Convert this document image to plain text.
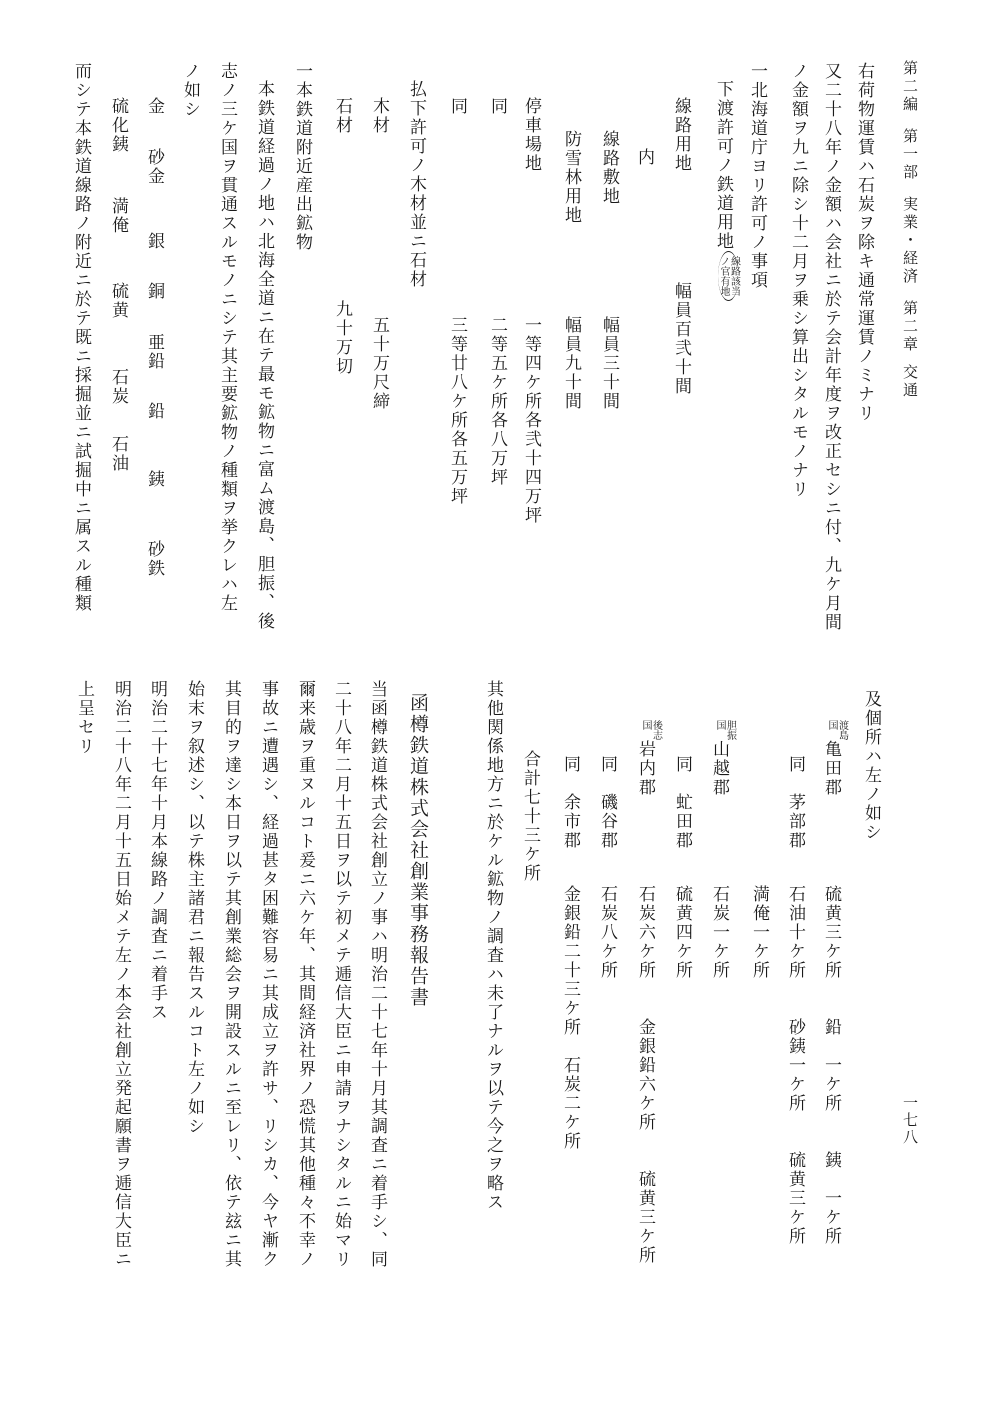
第二編第一部実業・経済第二章交通
一七八
右荷物運賃ハ石炭ヲ除キ通常運賃ノミナリ
又二十八年ノ金額ハ会社ニ於テ会計年度ヲ改正セシニ付、九ケ月間
ノ金額ヲ九ニ除シ十二月ヲ乗シ算出シタルモノナリ
一北海道庁ヨリ許可ノ事項
下渡許可ノ鉄道用地
線路該当
ノ官有地
線路用地
幅員百弐十間
内
線路敷地
幅員三十間
防雪林用地
幅員九十間
停車場地
一等四ケ所各弐十四万坪
同
二等五ケ所各八万坪
同
三等廿八ケ所各五万坪
払下許可ノ木材並ニ石材
木材
五十万尺締
石材
九十万切
一本鉄道附近産出鉱物
本鉄道経過ノ地ハ北海全道ニ在テ最モ鉱物ニ富ム渡島、胆振、後
志ノ三ケ国ヲ貫通スルモノニシテ其主要鉱物ノ種類ヲ挙クレハ左
ノ如シ
金
砂金
銀
銅
亜鉛
鉛
銕
砂鉄
硫化銕
満俺
硫黄
石炭
石油
而シテ本鉄道線路ノ附近ニ於テ既ニ採掘並ニ試掘中ニ属スル種類
及個所ハ左ノ如シ
渡島
国
亀田郡
硫黄三ケ所　　鉛　一ケ所　　銕　一ケ所
同　茅部郡
石油十ケ所　　砂銕一ケ所　　硫黄三ケ所
満俺一ケ所
胆振
国
山越郡
石炭一ケ所
同　虻田郡
硫黄四ケ所
後志
国
岩内郡
石炭六ケ所　　金銀鉛六ケ所　　硫黄三ケ所
同　磯谷郡
石炭八ケ所
同　余市郡
金銀鉛二十三ケ所　石炭二ケ所
合計七十三ケ所
其他関係地方ニ於ケル鉱物ノ調査ハ未了ナルヲ以テ今之ヲ略ス
函樽鉄道株式会社創業事務報告書
当函樽鉄道株式会社創立ノ事ハ明治二十七年十月其調査ニ着手シ、同
二十八年二月十五日ヲ以テ初メテ逓信大臣ニ申請ヲナシタルニ始マリ
爾来歳ヲ重ヌルコト爰ニ六ケ年、其間経済社界ノ恐慌其他種々不幸ノ
事故ニ遭遇シ、経過甚タ困難容易ニ其成立ヲ許サ、リシカ、今ヤ漸ク
其目的ヲ達シ本日ヲ以テ其創業総会ヲ開設スルニ至レリ、依テ玆ニ其
始末ヲ叙述シ、以テ株主諸君ニ報告スルコト左ノ如シ
明治二十七年十月本線路ノ調査ニ着手ス
明治二十八年二月十五日始メテ左ノ本会社創立発起願書ヲ逓信大臣ニ
上呈セリ
